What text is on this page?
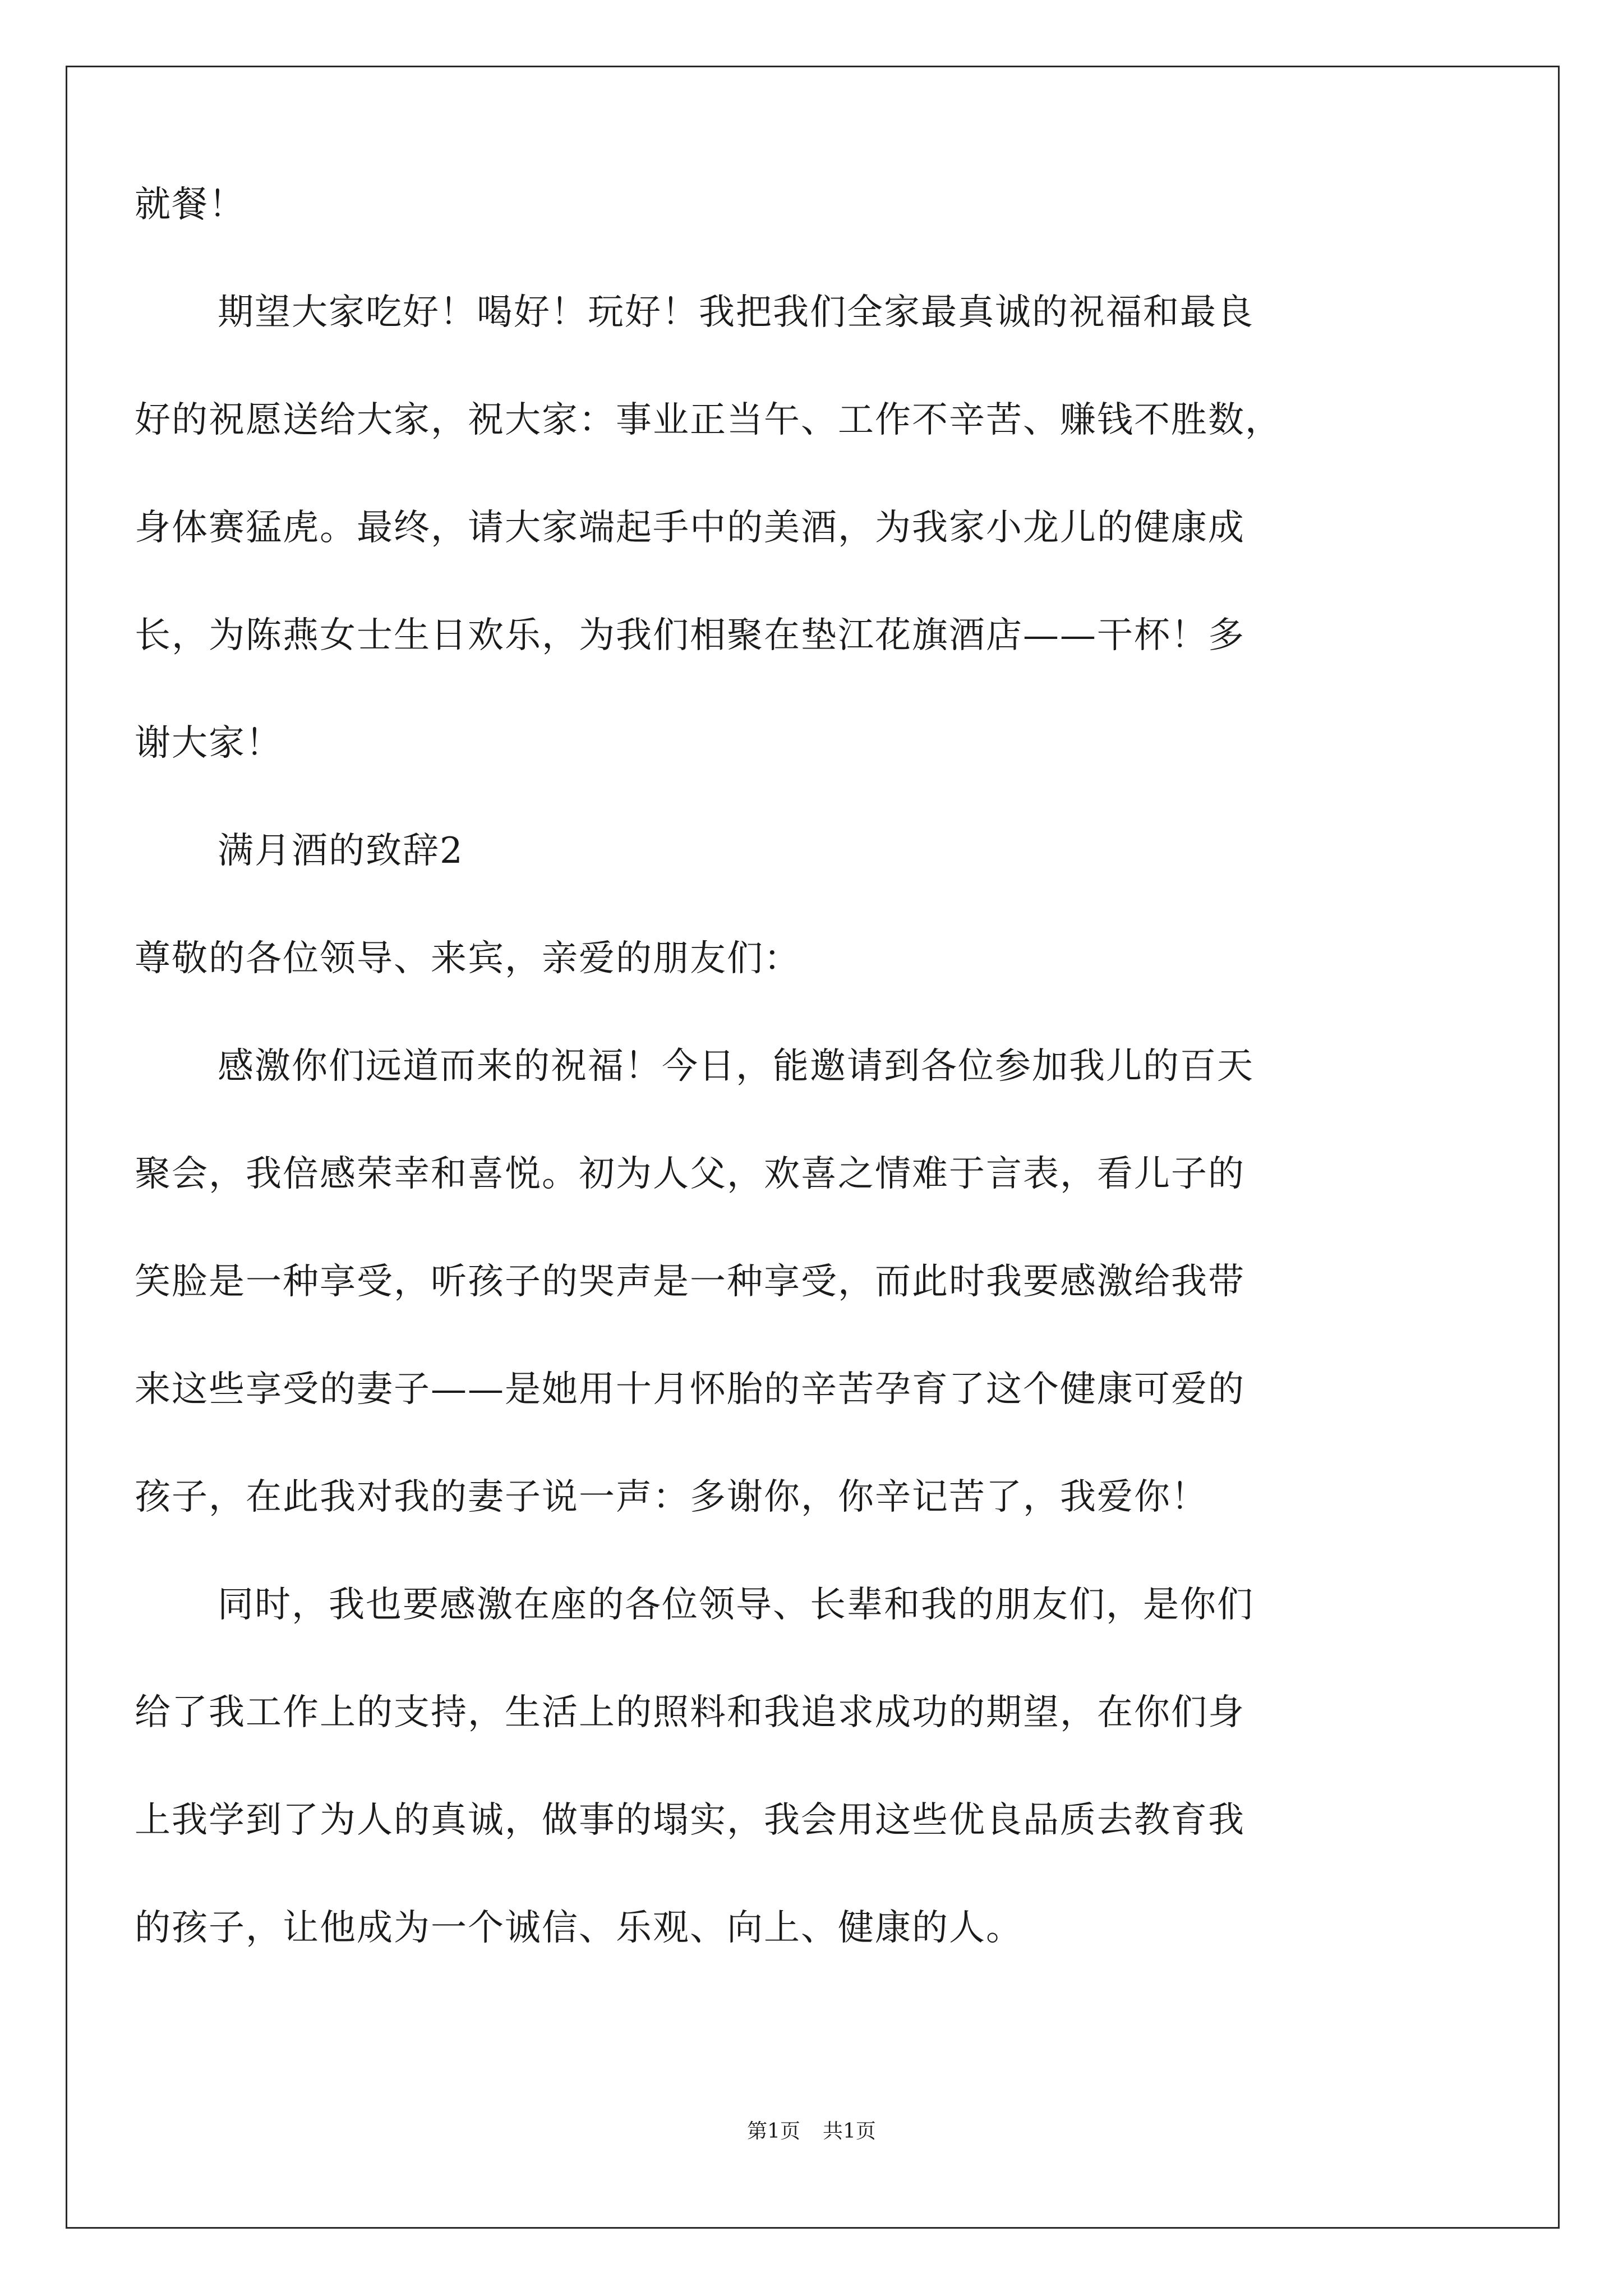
就餐！
期望大家吃好！喝好！玩好！我把我们全家最真诚的祝福和最良
好的祝愿送给大家，祝大家：事业正当午、工作不辛苦、赚钱不胜数，
身体赛猛虎。最终，请大家端起手中的美酒，为我家小龙儿的健康成
长，为陈燕女士生日欢乐，为我们相聚在垫江花旗酒店——干杯！多
谢大家！
满月酒的致辞2
尊敬的各位领导、来宾，亲爱的朋友们：
感激你们远道而来的祝福！今日，能邀请到各位参加我儿的百天
聚会，我倍感荣幸和喜悦。初为人父，欢喜之情难于言表，看儿子的
笑脸是一种享受，听孩子的哭声是一种享受，而此时我要感激给我带
来这些享受的妻子——是她用十月怀胎的辛苦孕育了这个健康可爱的
孩子，在此我对我的妻子说一声：多谢你，你辛记苦了，我爱你！
同时，我也要感激在座的各位领导、长辈和我的朋友们，是你们
给了我工作上的支持，生活上的照料和我追求成功的期望，在你们身
上我学到了为人的真诚，做事的塌实，我会用这些优良品质去教育我
的孩子，让他成为一个诚信、乐观、向上、健康的人。
第1页 共1页
